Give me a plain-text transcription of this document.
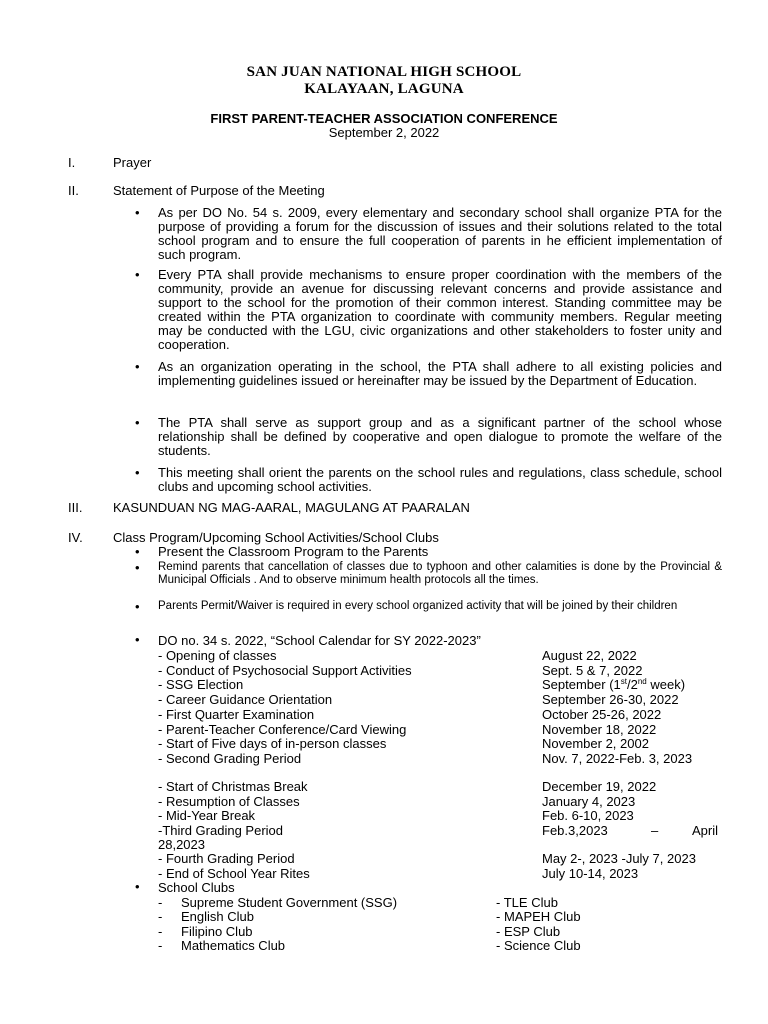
SAN JUAN NATIONAL HIGH SCHOOL
KALAYAAN, LAGUNA
FIRST PARENT-TEACHER ASSOCIATION CONFERENCE
September 2, 2022
I.	Prayer
II.	Statement of Purpose of the Meeting
• As per DO No. 54 s. 2009, every elementary and secondary school shall organize PTA for the purpose of providing a forum for the discussion of issues and their solutions related to the total school program and to ensure the full cooperation of parents in he efficient implementation of such program.
• Every PTA shall provide mechanisms to ensure proper coordination with the members of the community, provide an avenue for discussing relevant concerns and provide assistance and support to the school for the promotion of their common interest. Standing committee may be created within the PTA organization to coordinate with community members. Regular meeting may be conducted with the LGU, civic organizations and other stakeholders to foster unity and cooperation.
• As an organization operating in the school, the PTA shall adhere to all existing policies and implementing guidelines issued or hereinafter may be issued by the Department of Education.
• The PTA shall serve as support group and as a significant partner of the school whose relationship shall be defined by cooperative and open dialogue to promote the welfare of the students.
• This meeting shall orient the parents on the school rules and regulations, class schedule, school clubs and upcoming school activities.
III. KASUNDUAN NG MAG-AARAL, MAGULANG AT PAARALAN
IV. Class Program/Upcoming School Activities/School Clubs
• Present the Classroom Program to the Parents
• Remind parents that cancellation of classes due to typhoon and other calamities is done by the Provincial & Municipal Officials . And to observe minimum health protocols all the times.
• Parents Permit/Waiver is required in every school organized activity that will be joined by their children
• DO no. 34 s. 2022, “School Calendar for SY 2022-2023”
- Opening of classes	August 22, 2022
- Conduct of Psychosocial Support Activities	Sept. 5 & 7, 2022
- SSG Election	September (1st/2nd week)
- Career Guidance Orientation	September 26-30, 2022
- First Quarter Examination	October 25-26, 2022
- Parent-Teacher Conference/Card Viewing	November 18, 2022
- Start of Five days of in-person classes	November 2, 2002
- Second Grading Period	Nov. 7, 2022-Feb. 3, 2023
- Start of Christmas Break	December 19, 2022
- Resumption of Classes	January 4, 2023
- Mid-Year Break	Feb. 6-10, 2023
-Third Grading Period	Feb.3,2023	–	April
28,2023
- Fourth Grading Period	May 2-, 2023 -July 7, 2023
- End of School Year Rites	July 10-14, 2023
• School Clubs
- Supreme Student Government (SSG)	- TLE Club
- English Club	- MAPEH Club
- Filipino Club	- ESP Club
- Mathematics Club	- Science Club
